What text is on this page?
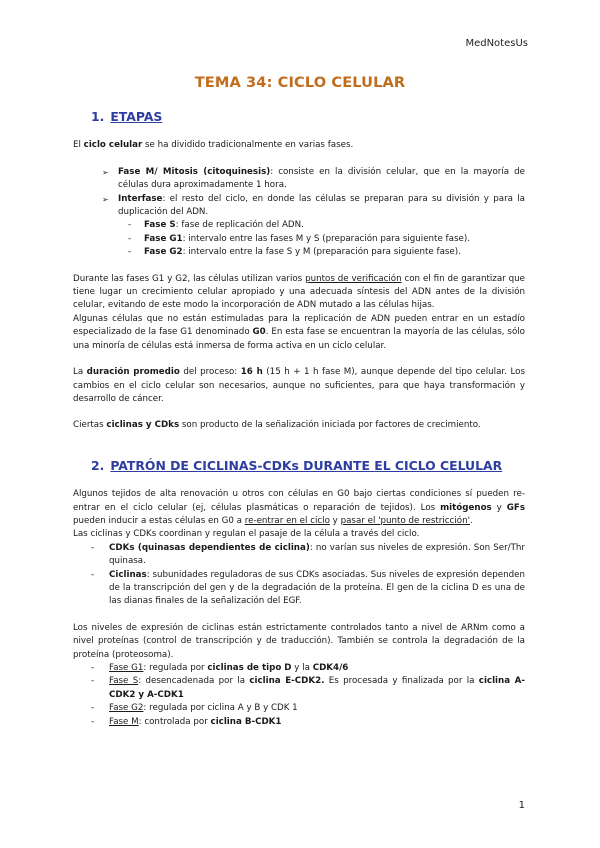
MedNotesUs
TEMA 34: CICLO CELULAR
1. ETAPAS

El ciclo celular se ha dividido tradicionalmente en varias fases.

➢ Fase M/ Mitosis (citoquinesis): consiste en la división celular, que en la mayoría de células dura aproximadamente 1 hora.
➢ Interfase: el resto del ciclo, en donde las células se preparan para su división y para la duplicación del ADN.
- Fase S: fase de replicación del ADN.
- Fase G1: intervalo entre las fases M y S (preparación para siguiente fase).
- Fase G2: intervalo entre la fase S y M (preparación para siguiente fase).

Durante las fases G1 y G2, las células utilizan varios puntos de verificación con el fin de garantizar que tiene lugar un crecimiento celular apropiado y una adecuada síntesis del ADN antes de la división celular, evitando de este modo la incorporación de ADN mutado a las células hijas.

Algunas células que no están estimuladas para la replicación de ADN pueden entrar en un estadío especializado de la fase G1 denominado G0. En esta fase se encuentran la mayoría de las células, sólo una minoría de células está inmersa de forma activa en un ciclo celular.

La duración promedio del proceso: 16 h (15 h + 1 h fase M), aunque depende del tipo celular. Los cambios en el ciclo celular son necesarios, aunque no suficientes, para que haya transformación y desarrollo de cáncer.

Ciertas ciclinas y CDks son producto de la señalización iniciada por factores de crecimiento.

2. PATRÓN DE CICLINAS-CDKs DURANTE EL CICLO CELULAR

Algunos tejidos de alta renovación u otros con células en G0 bajo ciertas condiciones sí pueden re-entrar en el ciclo celular (ej, células plasmáticas o reparación de tejidos). Los mitógenos y GFs pueden inducir a estas células en G0 a re-entrar en el ciclo y pasar el 'punto de restricción'.

Las ciclinas y CDKs coordinan y regulan el pasaje de la célula a través del ciclo.

- CDKs (quinasas dependientes de ciclina): no varían sus niveles de expresión. Son Ser/Thr quinasa.
- Ciclinas: subunidades reguladoras de sus CDKs asociadas. Sus niveles de expresión dependen de la transcripción del gen y de la degradación de la proteína. El gen de la ciclina D es una de las dianas finales de la señalización del EGF.

Los niveles de expresión de ciclinas están estrictamente controlados tanto a nivel de ARNm como a nivel proteínas (control de transcripción y de traducción). También se controla la degradación de la proteína (proteosoma).

- Fase G1: regulada por ciclinas de tipo D y la CDK4/6
- Fase S: desencadenada por la ciclina E-CDK2. Es procesada y finalizada por la ciclina A-CDK2 y A-CDK1
- Fase G2: regulada por ciclina A y B y CDK 1
- Fase M: controlada por ciclina B-CDK1
1
